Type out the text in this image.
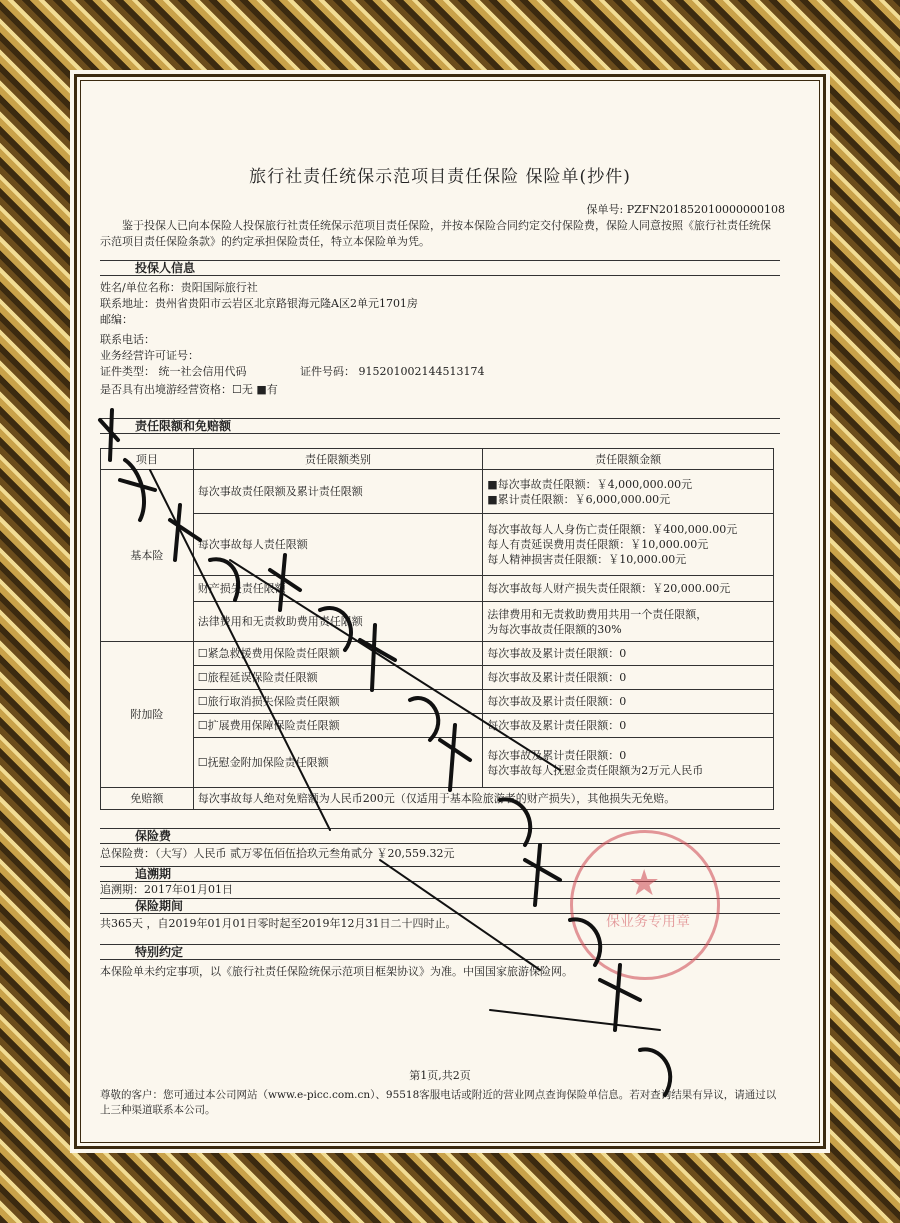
旅行社责任统保示范项目责任保险 保险单(抄件)
保单号: PZFN201852010000000108
鉴于投保人已向本保险人投保旅行社责任统保示范项目责任保险，并按本保险合同约定交付保险费，保险人同意按照《旅行社责任统保示范项目责任保险条款》的约定承担保险责任，特立本保险单为凭。
投保人信息
姓名/单位名称：贵阳国际旅行社
联系地址：贵州省贵阳市云岩区北京路银海元隆A区2单元1701房
邮编：
联系电话：
业务经营许可证号：
证件类型： 统一社会信用代码	证件号码： 915201002144513174
是否具有出境游经营资格：☐无 ■有
责任限额和免赔额
项目	责任限额类别	责任限额金额
基本险	每次事故责任限额及累计责任限额	■每次事故责任限额：￥4,000,000.00元
■累计责任限额：￥6,000,000.00元

	每次事故每人责任限额	每次事故每人人身伤亡责任限额：￥400,000.00元
每人有责延误费用责任限额：￥10,000.00元
每人精神损害责任限额：￥10,000.00元

	财产损失责任限额	每次事故每人财产损失责任限额：￥20,000.00元

	法律费用和无责救助费用责任限额	法律费用和无责救助费用共用一个责任限额，
为每次事故责任限额的30%

附加险	☐紧急救援费用保险责任限额	每次事故及累计责任限额：0
	☐旅程延误保险责任限额	每次事故及累计责任限额：0
	☐旅行取消损失保险责任限额	每次事故及累计责任限额：0
	☐扩展费用保障保险责任限额	每次事故及累计责任限额：0
	☐抚慰金附加保险责任限额	每次事故及累计责任限额：0
每次事故每人抚慰金责任限额为2万元人民币

免赔额	每次事故每人绝对免赔额为人民币200元（仅适用于基本险旅游者的财产损失），其他损失无免赔。	
保险费
总保险费：（大写）人民币 贰万零伍佰伍拾玖元叁角贰分 ￥20,559.32元
追溯期
追溯期：2017年01月01日
保险期间
共365天 ，自2019年01月01日零时起至2019年12月31日二十四时止。
特别约定
本保险单未约定事项，以《旅行社责任保险统保示范项目框架协议》为准。中国国家旅游保险网。
第1页,共2页
尊敬的客户：您可通过本公司网站（www.e-picc.com.cn）、95518客服电话或附近的营业网点查询保险单信息。若对查询结果有异议，请通过以上三种渠道联系本公司。
★
保业务专用章
